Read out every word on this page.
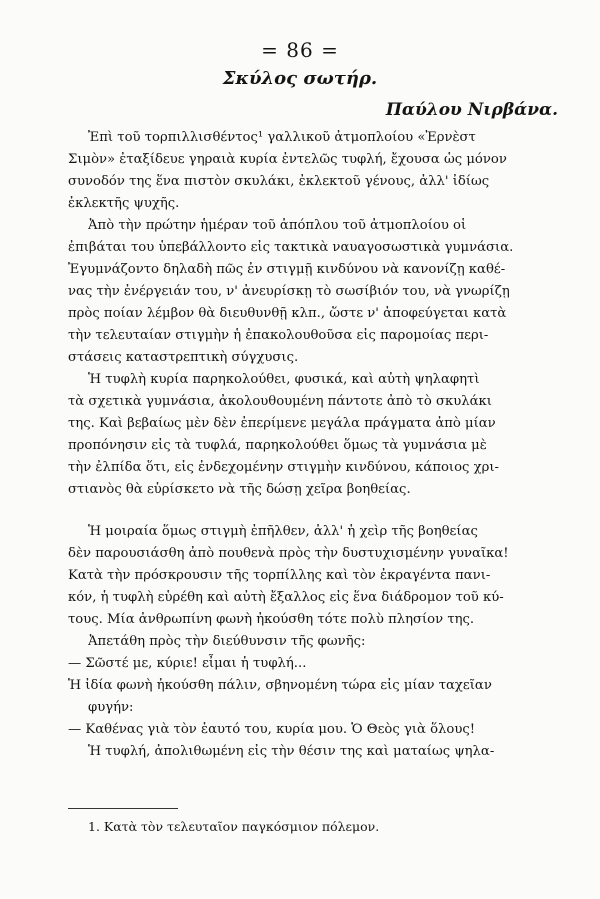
= 86 =
Σκύλος σωτήρ.
Παύλου Νιρβάνα.
Ἐπὶ τοῦ τορπιλλισθέντος¹ γαλλικοῦ ἀτμοπλοίου «Ἐρνὲστ
Σιμὸν» ἐταξίδευε γηραιὰ κυρία ἐντελῶς τυφλή, ἔχουσα ὡς μόνον
συνοδόν της ἕνα πιστὸν σκυλάκι, ἐκλεκτοῦ γένους, ἀλλ' ἰδίως
ἐκλεκτῆς ψυχῆς.
Ἀπὸ τὴν πρώτην ἡμέραν τοῦ ἀπόπλου τοῦ ἀτμοπλοίου οἱ
ἐπιβάται του ὑπεβάλλοντο εἰς τακτικὰ ναυαγοσωστικὰ γυμνάσια.
Ἐγυμνάζοντο δηλαδὴ πῶς ἐν στιγμῇ κινδύνου νὰ κανονίζῃ καθέ-
νας τὴν ἐνέργειάν του, ν' ἀνευρίσκῃ τὸ σωσίβιόν του, νὰ γνωρίζῃ
πρὸς ποίαν λέμβον θὰ διευθυνθῇ κλπ., ὥστε ν' ἀποφεύγεται κατὰ
τὴν τελευταίαν στιγμὴν ἡ ἐπακολουθοῦσα εἰς παρομοίας περι-
στάσεις καταστρεπτικὴ σύγχυσις.
Ἡ τυφλὴ κυρία παρηκολούθει, φυσικά, καὶ αὐτὴ ψηλαφητὶ
τὰ σχετικὰ γυμνάσια, ἀκολουθουμένη πάντοτε ἀπὸ τὸ σκυλάκι
της. Καὶ βεβαίως μὲν δὲν ἐπερίμενε μεγάλα πράγματα ἀπὸ μίαν
προπόνησιν εἰς τὰ τυφλά, παρηκολούθει ὅμως τὰ γυμνάσια μὲ
τὴν ἐλπίδα ὅτι, εἰς ἐνδεχομένην στιγμὴν κινδύνου, κάποιος χρι-
στιανὸς θὰ εὑρίσκετο νὰ τῆς δώσῃ χεῖρα βοηθείας.
Ἡ μοιραία ὅμως στιγμὴ ἐπῆλθεν, ἀλλ' ἡ χεὶρ τῆς βοηθείας
δὲν παρουσιάσθη ἀπὸ πουθενὰ πρὸς τὴν δυστυχισμένην γυναῖκα!
Κατὰ τὴν πρόσκρουσιν τῆς τορπίλλης καὶ τὸν ἐκραγέντα πανι-
κόν, ἡ τυφλὴ εὑρέθη καὶ αὐτὴ ἔξαλλος εἰς ἕνα διάδρομον τοῦ κύ-
τους. Μία ἀνθρωπίνη φωνὴ ἠκούσθη τότε πολὺ πλησίον της.
Ἀπετάθη πρὸς τὴν διεύθυνσιν τῆς φωνῆς:
— Σῶστέ με, κύριε! εἶμαι ἡ τυφλή...
Ἡ ἰδία φωνὴ ἠκούσθη πάλιν, σβηνομένη τώρα εἰς μίαν ταχεῖαν
φυγήν:
— Καθένας γιὰ τὸν ἑαυτό του, κυρία μου. Ὁ Θεὸς γιὰ ὅλους!
Ἡ τυφλή, ἀπολιθωμένη εἰς τὴν θέσιν της καὶ ματαίως ψηλα-
1. Κατὰ τὸν τελευταῖον παγκόσμιον πόλεμον.
